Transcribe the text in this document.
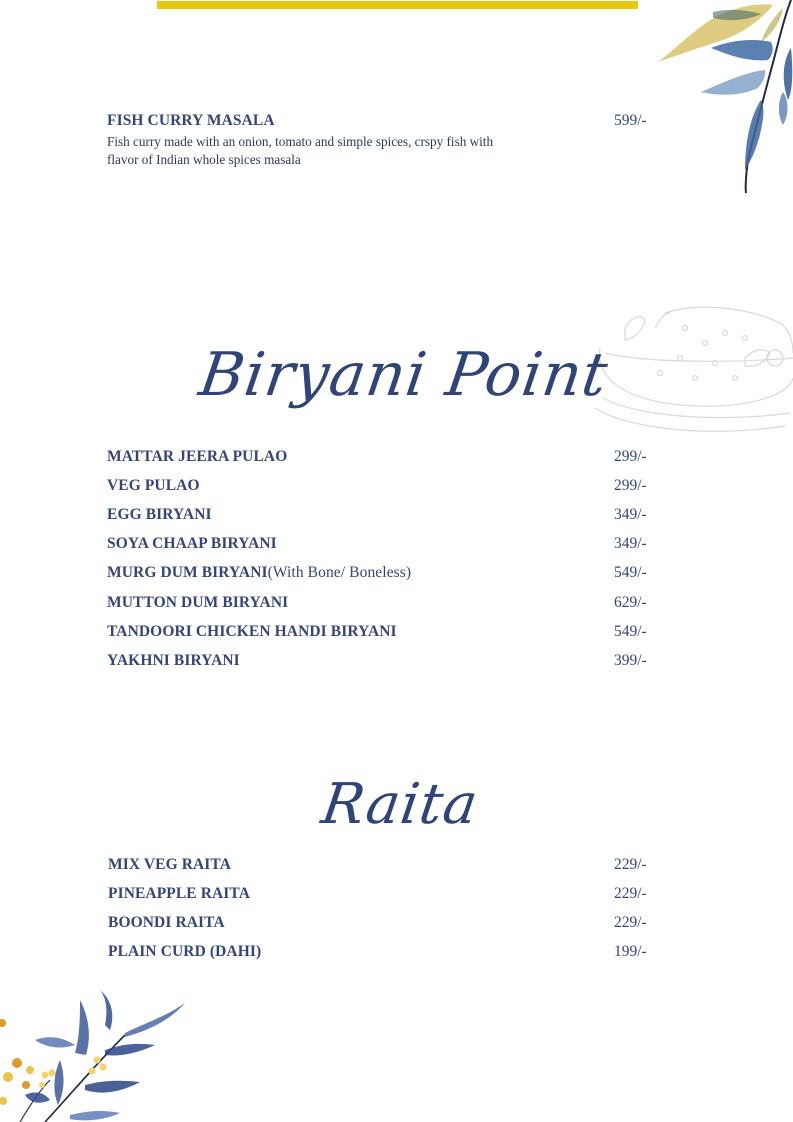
FISH CURRY MASALA	599/-
Fish curry made with an onion, tomato and simple spices, crspy fish with
flavor of Indian whole spices masala
Biryani Point
MATTAR JEERA PULAO	299/-
VEG PULAO	299/-
EGG BIRYANI	349/-
SOYA CHAAP BIRYANI	349/-
MURG DUM BIRYANI(With Bone/ Boneless)	549/-
MUTTON DUM BIRYANI	629/-
TANDOORI CHICKEN HANDI BIRYANI	549/-
YAKHNI BIRYANI	399/-
Raita
MIX VEG RAITA	229/-
PINEAPPLE RAITA	229/-
BOONDI RAITA	229/-
PLAIN CURD (DAHI)	199/-
